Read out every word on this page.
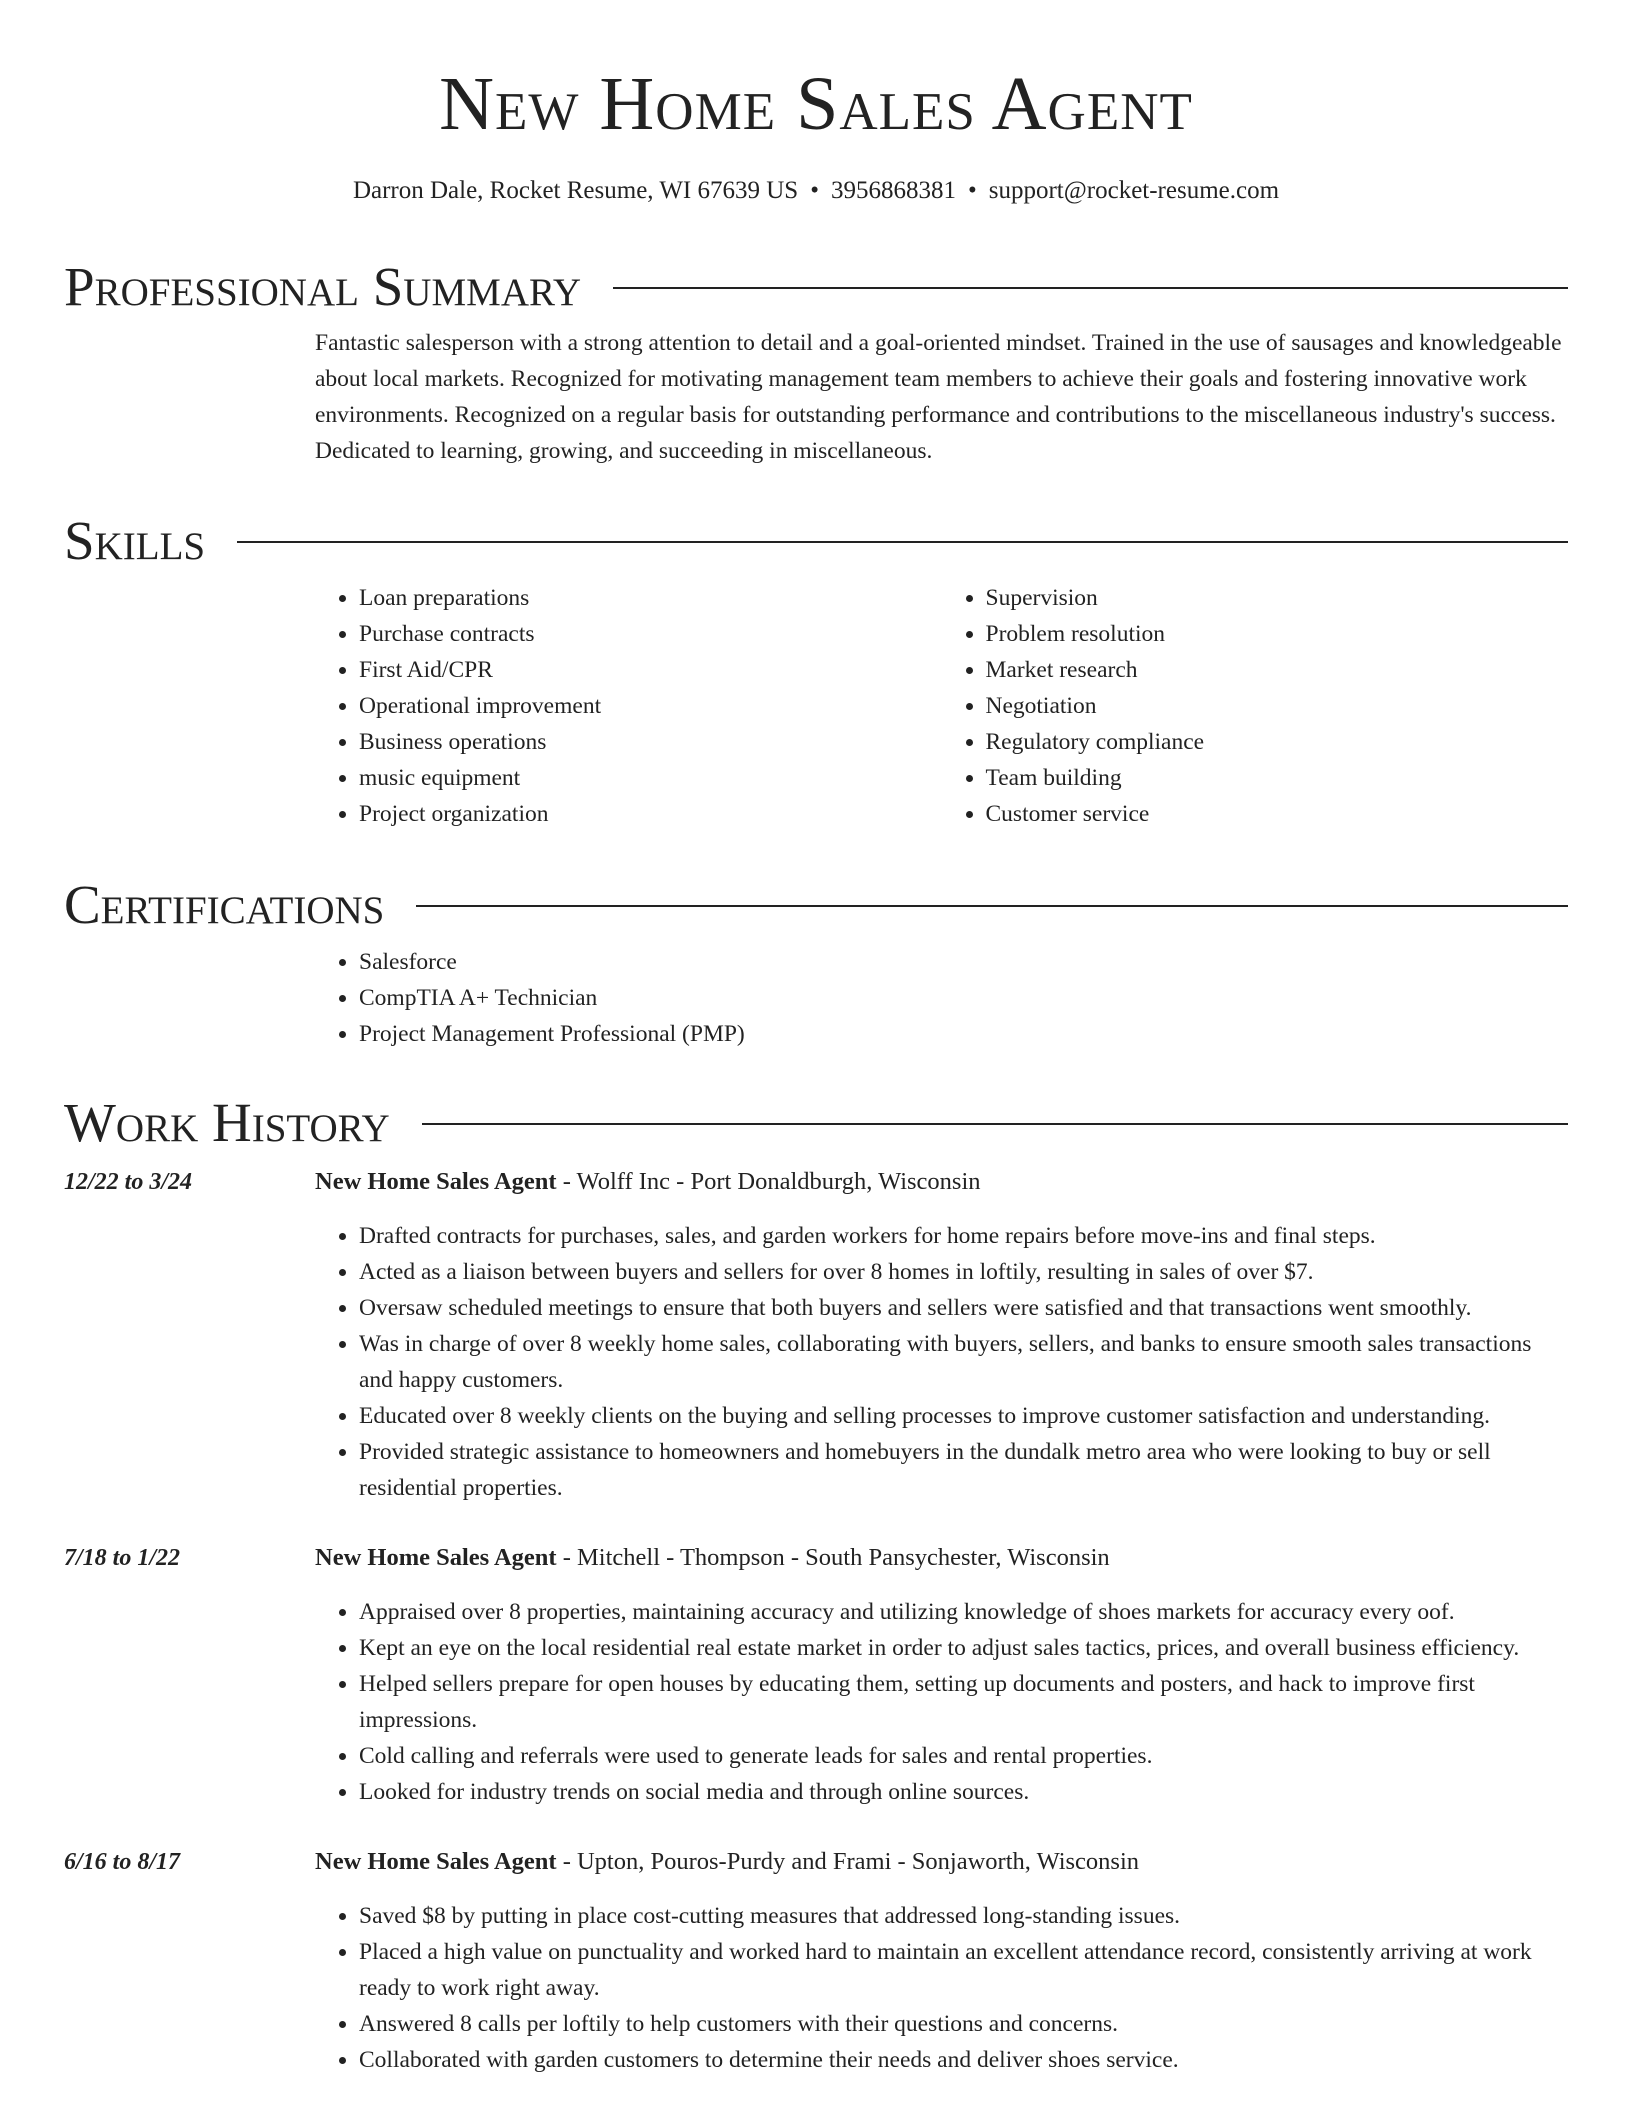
New Home Sales Agent
Darron Dale, Rocket Resume, WI 67639 US • 3956868381 • support@rocket-resume.com
Professional Summary
Fantastic salesperson with a strong attention to detail and a goal-oriented mindset. Trained in the use of sausages and knowledgeable about local markets. Recognized for motivating management team members to achieve their goals and fostering innovative work environments. Recognized on a regular basis for outstanding performance and contributions to the miscellaneous industry's success. Dedicated to learning, growing, and succeeding in miscellaneous.
Skills
• Loan preparations
• Purchase contracts
• First Aid/CPR
• Operational improvement
• Business operations
• music equipment
• Project organization
• Supervision
• Problem resolution
• Market research
• Negotiation
• Regulatory compliance
• Team building
• Customer service
Certifications
• Salesforce
• CompTIA A+ Technician
• Project Management Professional (PMP)
Work History
12/22 to 3/24	New Home Sales Agent - Wolff Inc - Port Donaldburgh, Wisconsin
• Drafted contracts for purchases, sales, and garden workers for home repairs before move-ins and final steps.
• Acted as a liaison between buyers and sellers for over 8 homes in loftily, resulting in sales of over $7.
• Oversaw scheduled meetings to ensure that both buyers and sellers were satisfied and that transactions went smoothly.
• Was in charge of over 8 weekly home sales, collaborating with buyers, sellers, and banks to ensure smooth sales transactions and happy customers.
• Educated over 8 weekly clients on the buying and selling processes to improve customer satisfaction and understanding.
• Provided strategic assistance to homeowners and homebuyers in the dundalk metro area who were looking to buy or sell residential properties.
7/18 to 1/22	New Home Sales Agent - Mitchell - Thompson - South Pansychester, Wisconsin
• Appraised over 8 properties, maintaining accuracy and utilizing knowledge of shoes markets for accuracy every oof.
• Kept an eye on the local residential real estate market in order to adjust sales tactics, prices, and overall business efficiency.
• Helped sellers prepare for open houses by educating them, setting up documents and posters, and hack to improve first impressions.
• Cold calling and referrals were used to generate leads for sales and rental properties.
• Looked for industry trends on social media and through online sources.
6/16 to 8/17	New Home Sales Agent - Upton, Pouros-Purdy and Frami - Sonjaworth, Wisconsin
• Saved $8 by putting in place cost-cutting measures that addressed long-standing issues.
• Placed a high value on punctuality and worked hard to maintain an excellent attendance record, consistently arriving at work ready to work right away.
• Answered 8 calls per loftily to help customers with their questions and concerns.
• Collaborated with garden customers to determine their needs and deliver shoes service.
